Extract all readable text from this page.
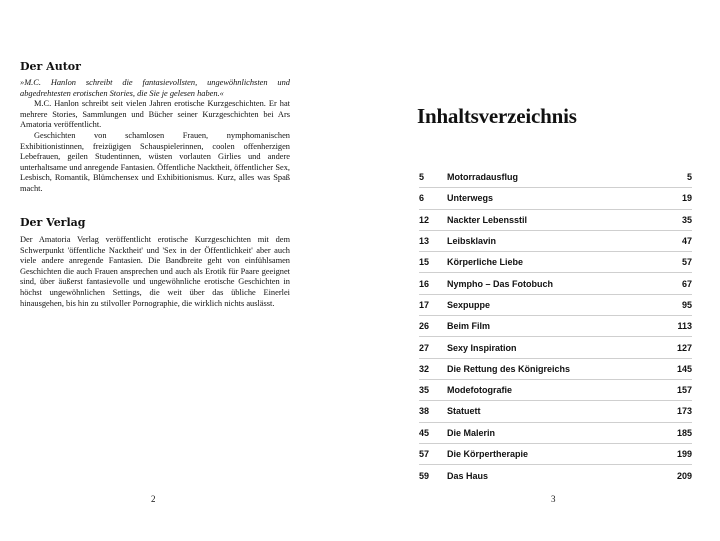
Der Autor

»M.C. Hanlon schreibt die fantasievollsten, ungewöhnlichsten und abgedrehtesten erotischen Stories, die Sie je gelesen haben.«
M.C. Hanlon schreibt seit vielen Jahren erotische Kurzgeschichten. Er hat mehrere Stories, Sammlungen und Bücher seiner Kurzgeschichten bei Ars Amatoria veröffentlicht.
Geschichten von schamlosen Frauen, nymphomanischen Exhibitionistinnen, freizügigen Schauspielerinnen, coolen offenherzigen Lebefrauen, geilen Studentinnen, wüsten vorlauten Girlies und andere unterhaltsame und anregende Fantasien. Öffentliche Nacktheit, öffentlicher Sex, Lesbisch, Romantik, Blümchensex und Exhibitionismus. Kurz, alles was Spaß macht.

Der Verlag

Der Amatoria Verlag veröffentlicht erotische Kurzgeschichten mit dem Schwerpunkt 'öffentliche Nacktheit' und 'Sex in der Öffentlichkeit' aber auch viele andere anregende Fantasien. Die Bandbreite geht von einfühlsamen Geschichten die auch Frauen ansprechen und auch als Erotik für Paare geeignet sind, über äußerst fantasievolle und ungewöhnliche erotische Geschichten in höchst ungewöhnlichen Settings, die weit über das übliche Einerlei hinausgehen, bis hin zu stilvoller Pornographie, die wirklich nichts auslässt.

2
Inhaltsverzeichnis
5	Motorradausflug	5
6	Unterwegs	19
12	Nackter Lebensstil	35
13	Leibsklavin	47
15	Körperliche Liebe	57
16	Nympho – Das Fotobuch	67
17	Sexpuppe	95
26	Beim Film	113
27	Sexy Inspiration	127
32	Die Rettung des Königreichs	145
35	Modefotografie	157
38	Statuett	173
45	Die Malerin	185
57	Die Körpertherapie	199
59	Das Haus	209
3
